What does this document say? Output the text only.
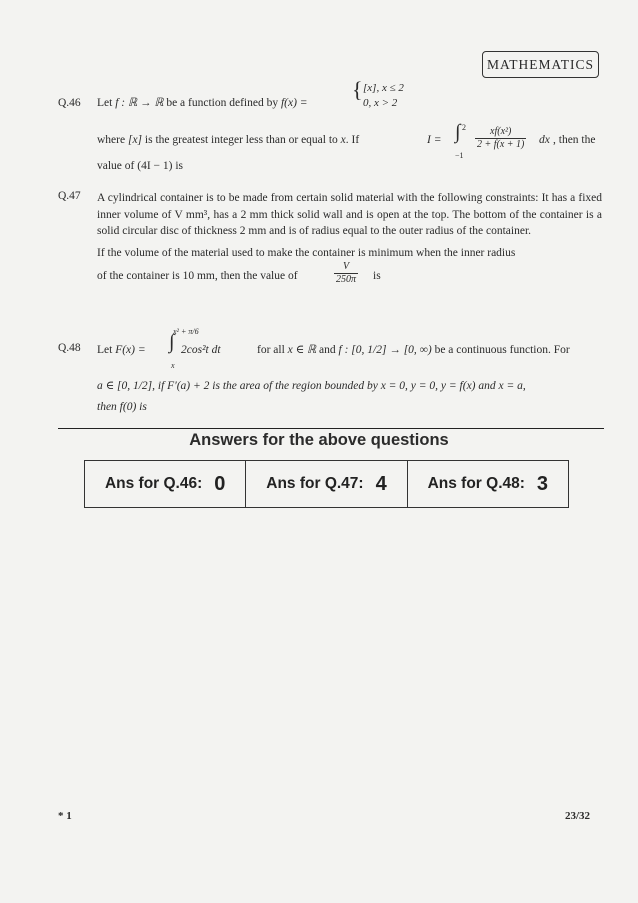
MATHEMATICS
Q.46 Let f : ℝ → ℝ be a function defined by f(x) =
{ [x], x ≤ 2
0, x > 2
where [x] is the greatest integer less than or equal to x. If	I =
2
∫
−1
$\frac{\text{xf(x²)}}{2 + f(x + 1)}$ dx , then the
value of (4I − 1) is
Q.47 A cylindrical container is to be made from certain solid material with the following constraints: It has a fixed inner volume of V mm³, has a 2 mm thick solid wall and is open at the top. The bottom of the container is a solid circular disc of thickness 2 mm and is of radius equal to the outer radius of the container.
If the volume of the material used to make the container is minimum when the inner radius
of the container is 10 mm, then the value of	$\frac{V}{250\pi}$ is
Q.48 Let F(x) =
x² + π/6
∫
x
2cos²t dt	for all x ∈ ℝ and f : [0, 1/2] → [0, ∞) be a continuous function. For
a ∈ [0, 1/2], if F′(a) + 2 is the area of the region bounded by x = 0, y = 0, y = f(x) and x = a,
then f(0) is
Answers for the above questions
Ans for Q.46: 0	Ans for Q.47: 4	Ans for Q.48: 3
* 1	23/32
